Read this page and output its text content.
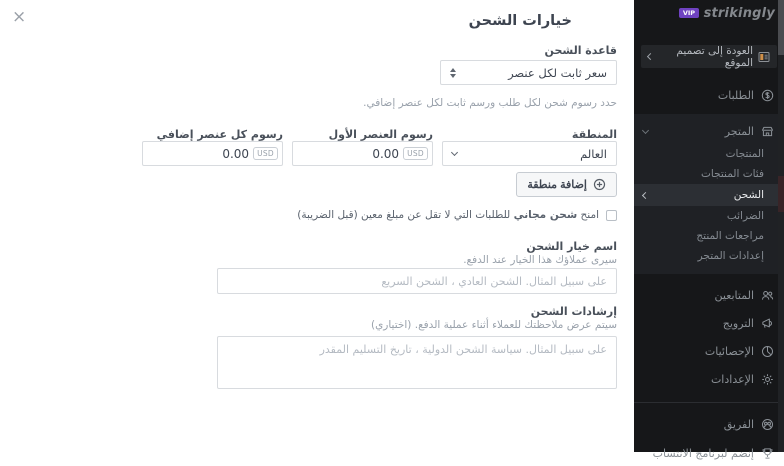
×	خيارات الشحن
قاعدة الشحن
سعر ثابت لكل عنصر
حدد رسوم شحن لكل طلب ورسم ثابت لكل عنصر إضافي.
المنطقة
رسوم العنصر الأول
رسوم كل عنصر إضافي
العالم
USD
0.00
USD
0.00
إضافة منطقة
امنح شحن مجاني للطلبات التي لا تقل عن مبلغ معين (قبل الضريبة)
اسم خيار الشحن
سيرى عملاؤك هذا الخيار عند الدفع.
على سبيل المثال. الشحن العادي ، الشحن السريع
إرشادات الشحن
سيتم عرض ملاحظتك للعملاء أثناء عملية الدفع. (اختياري)
على سبيل المثال. سياسة الشحن الدولية ، تاريخ التسليم المقدر
strikingly
VIP
العودة إلى تصميم الموقع
الطلبات
المتجر
المنتجات
فئات المنتجات
الشحن
الضرائب
مراجعات المنتج
إعدادات المتجر
المتابعين
الترويج
الإحصائيات
الإعدادات
الفريق
إنضم لبرنامج الانتساب
